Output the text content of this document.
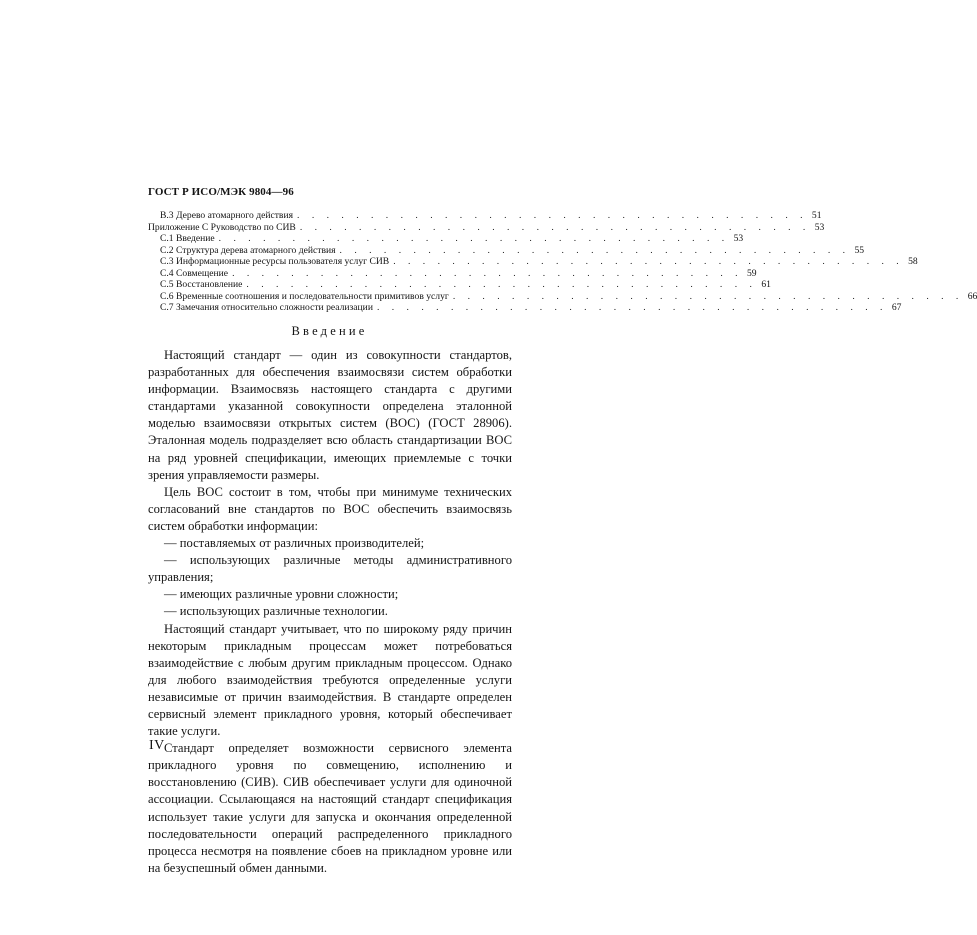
ГОСТ Р ИСО/МЭК 9804—96
В.3 Дерево атомарного действия . . . . . . . . . . . . . . . . . . . . . . . . . . . . . . . . . . . 51
Приложение С Руководство по СИВ . . . . . . . . . . . . . . . . . . . . . . . . . . . . . . . . . . . 53
С.1 Введение . . . . . . . . . . . . . . . . . . . . . . . . . . . . . . . . . . . 53
С.2 Структура дерева атомарного действия . . . . . . . . . . . . . . . . . . . . . . . . . . . . . . . . . . . 55
С.3 Информационные ресурсы пользователя услуг СИВ . . . . . . . . . . . . . . . . . . . . . . . . . . . . . . . . . . . 58
С.4 Совмещение . . . . . . . . . . . . . . . . . . . . . . . . . . . . . . . . . . . 59
С.5 Восстановление . . . . . . . . . . . . . . . . . . . . . . . . . . . . . . . . . . . 61
С.6 Временные соотношения и последовательности примитивов услуг . . . . . . . . . . . . . . . . . . . . . . . . . . . . . . . . . . . 66
С.7 Замечания относительно сложности реализации . . . . . . . . . . . . . . . . . . . . . . . . . . . . . . . . . . . 67
Введение

Настоящий стандарт — один из совокупности стандартов, разработанных для обеспечения взаимосвязи систем обработки информации. Взаимосвязь настоящего стандарта с другими стандартами указанной совокупности определена эталонной моделью взаимосвязи открытых систем (ВОС) (ГОСТ 28906). Эталонная модель подразделяет всю область стандартизации ВОС на ряд уровней спецификации, имеющих приемлемые с точки зрения управляемости размеры.

Цель ВОС состоит в том, чтобы при минимуме технических согласований вне стандартов по ВОС обеспечить взаимосвязь систем обработки информации:

— поставляемых от различных производителей;

— использующих различные методы административного управления;

— имеющих различные уровни сложности;

— использующих различные технологии.

Настоящий стандарт учитывает, что по широкому ряду причин некоторым прикладным процессам может потребоваться взаимодействие с любым другим прикладным процессом. Однако для любого взаимодействия требуются определенные услуги независимые от причин взаимодействия. В стандарте определен сервисный элемент прикладного уровня, который обеспечивает такие услуги.

Стандарт определяет возможности сервисного элемента прикладного уровня по совмещению, исполнению и восстановлению (СИВ). СИВ обеспечивает услуги для одиночной ассоциации. Ссылающаяся на настоящий стандарт спецификация использует такие услуги для запуска и окончания определенной последовательности операций распределенного прикладного процесса несмотря на появление сбоев на прикладном уровне или на безуспешный обмен данными.

IV
